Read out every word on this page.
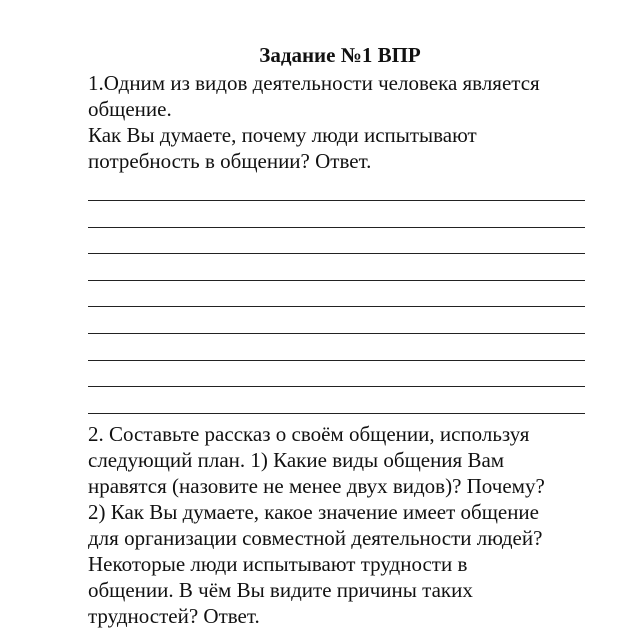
Задание №1 ВПР
1.Одним из видов деятельности человека является
общение.
Как Вы думаете, почему люди испытывают
потребность в общении? Ответ.
2. Составьте рассказ о своём общении, используя
следующий план. 1) Какие виды общения Вам
нравятся (назовите не менее двух видов)? Почему?
2) Как Вы думаете, какое значение имеет общение
для организации совместной деятельности людей?
Некоторые люди испытывают трудности в
общении. В чём Вы видите причины таких
трудностей? Ответ.
